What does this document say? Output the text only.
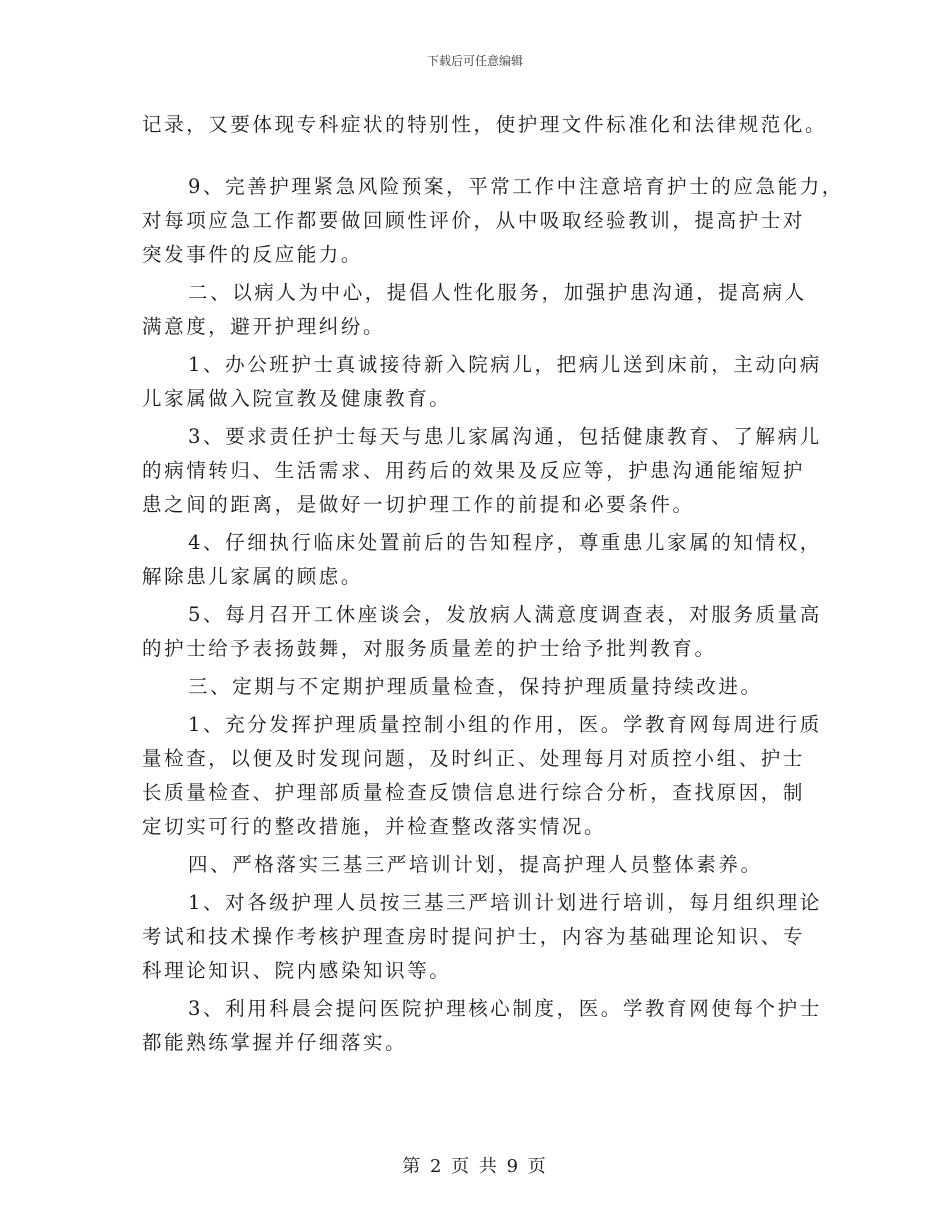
下载后可任意编辑
记录，又要体现专科症状的特别性，使护理文件标准化和法律规范化。
9、完善护理紧急风险预案，平常工作中注意培育护士的应急能力，
对每项应急工作都要做回顾性评价，从中吸取经验教训，提高护士对
突发事件的反应能力。
二、以病人为中心，提倡人性化服务，加强护患沟通，提高病人
满意度，避开护理纠纷。
1、办公班护士真诚接待新入院病儿，把病儿送到床前，主动向病
儿家属做入院宣教及健康教育。
3、要求责任护士每天与患儿家属沟通，包括健康教育、了解病儿
的病情转归、生活需求、用药后的效果及反应等，护患沟通能缩短护
患之间的距离，是做好一切护理工作的前提和必要条件。
4、仔细执行临床处置前后的告知程序，尊重患儿家属的知情权，
解除患儿家属的顾虑。
5、每月召开工休座谈会，发放病人满意度调查表，对服务质量高
的护士给予表扬鼓舞，对服务质量差的护士给予批判教育。
三、定期与不定期护理质量检查，保持护理质量持续改进。
1、充分发挥护理质量控制小组的作用，医。学教育网每周进行质
量检查，以便及时发现问题，及时纠正、处理每月对质控小组、护士
长质量检查、护理部质量检查反馈信息进行综合分析，查找原因，制
定切实可行的整改措施，并检查整改落实情况。
四、严格落实三基三严培训计划，提高护理人员整体素养。
1、对各级护理人员按三基三严培训计划进行培训，每月组织理论
考试和技术操作考核护理查房时提问护士，内容为基础理论知识、专
科理论知识、院内感染知识等。
3、利用科晨会提问医院护理核心制度，医。学教育网使每个护士
都能熟练掌握并仔细落实。
第 2 页 共 9 页
